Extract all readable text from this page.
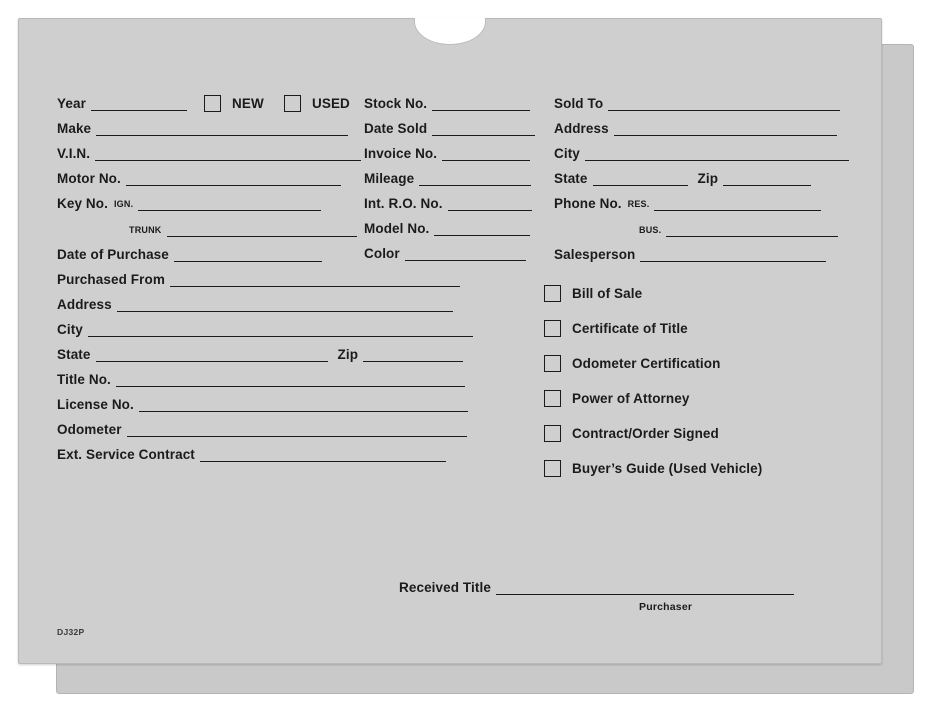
Year	NEW	USED
Make
V.I.N.
Motor No.
Key No. IGN.
TRUNK
Date of Purchase
Purchased From
Address
City
State	Zip
Title No.
License No.
Odometer
Ext. Service Contract
Stock No.
Date Sold
Invoice No.
Mileage
Int. R.O. No.
Model No.
Color
Sold To
Address
City
State	Zip
Phone No. RES.
BUS.
Salesperson
Bill of Sale
Certificate of Title
Odometer Certification
Power of Attorney
Contract/Order Signed
Buyer’s Guide (Used Vehicle)
Received Title
Purchaser
DJ32P
